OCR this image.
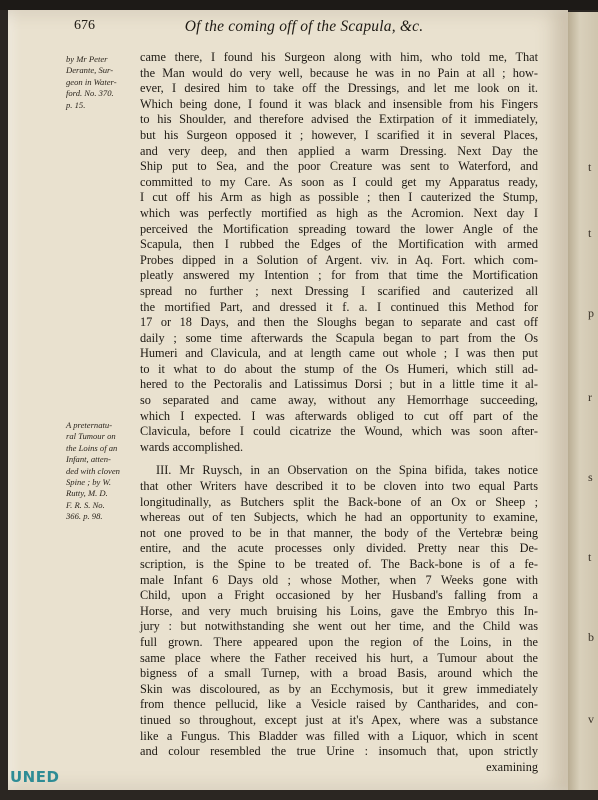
t
t
p
r
s
t
b
v
676	Of the coming off of the Scapula, &c.
by Mr Peter
Derante, Sur-
geon in Water-
ford. No. 370.
p. 15.
A preternatu-
ral Tumour on
the Loins of an
Infant, atten-
ded with cloven
Spine ; by W.
Rutty, M. D.
F. R. S. No.
366. p. 98.
came there, I found his Surgeon along with him, who told me, That
the Man would do very well, because he was in no Pain at all ; how-
ever, I desired him to take off the Dressings, and let me look on it.
Which being done, I found it was black and insensible from his Fingers
to his Shoulder, and therefore advised the Extirpation of it immediately,
but his Surgeon opposed it ; however, I scarified it in several Places,
and very deep, and then applied a warm Dressing. Next Day the
Ship put to Sea, and the poor Creature was sent to Waterford, and
committed to my Care. As soon as I could get my Apparatus ready,
I cut off his Arm as high as possible ; then I cauterized the Stump,
which was perfectly mortified as high as the Acromion. Next day I
perceived the Mortification spreading toward the lower Angle of the
Scapula, then I rubbed the Edges of the Mortification with armed
Probes dipped in a Solution of Argent. viv. in Aq. Fort. which com-
pleatly answered my Intention ; for from that time the Mortification
spread no further ; next Dressing I scarified and cauterized all
the mortified Part, and dressed it f. a. I continued this Method for
17 or 18 Days, and then the Sloughs began to separate and cast off
daily ; some time afterwards the Scapula began to part from the Os
Humeri and Clavicula, and at length came out whole ; I was then put
to it what to do about the stump of the Os Humeri, which still ad-
hered to the Pectoralis and Latissimus Dorsi ; but in a little time it al-
so separated and came away, without any Hemorrhage succeeding,
which I expected. I was afterwards obliged to cut off part of the
Clavicula, before I could cicatrize the Wound, which was soon after-
wards accomplished.
III. Mr Ruysch, in an Observation on the Spina bifida, takes notice
that other Writers have described it to be cloven into two equal Parts
longitudinally, as Butchers split the Back-bone of an Ox or Sheep ;
whereas out of ten Subjects, which he had an opportunity to examine,
not one proved to be in that manner, the body of the Vertebræ being
entire, and the acute processes only divided. Pretty near this De-
scription, is the Spine to be treated of. The Back-bone is of a fe-
male Infant 6 Days old ; whose Mother, when 7 Weeks gone with
Child, upon a Fright occasioned by her Husband's falling from a
Horse, and very much bruising his Loins, gave the Embryo this In-
jury : but notwithstanding she went out her time, and the Child was
full grown. There appeared upon the region of the Loins, in the
same place where the Father received his hurt, a Tumour about the
bigness of a small Turnep, with a broad Basis, around which the
Skin was discoloured, as by an Ecchymosis, but it grew immediately
from thence pellucid, like a Vesicle raised by Cantharides, and con-
tinued so throughout, except just at it's Apex, where was a substance
like a Fungus. This Bladder was filled with a Liquor, which in scent
and colour resembled the true Urine : insomuch that, upon strictly
examining
UNED
